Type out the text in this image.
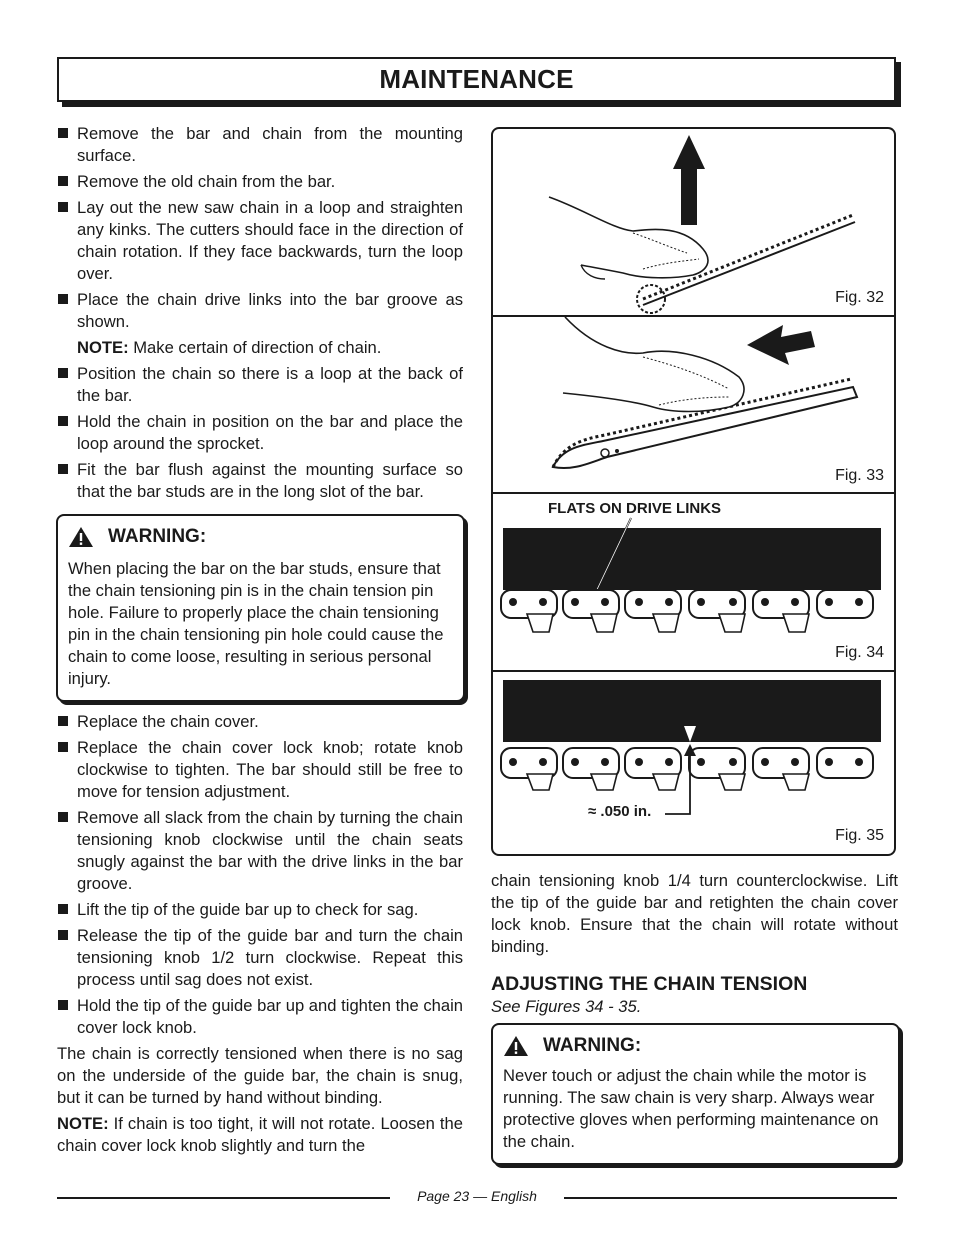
MAINTENANCE
Remove the bar and chain from the mounting surface.
Remove the old chain from the bar.
Lay out the new saw chain in a loop and straighten any kinks. The cutters should face in the direction of chain rotation. If they face backwards, turn the loop over.
Place the chain drive links into the bar groove as shown.
NOTE: Make certain of direction of chain.
Position the chain so there is a loop at the back of the bar.
Hold the chain in position on the bar and place the loop around the sprocket.
Fit the bar flush against the mounting surface so that the bar studs are in the long slot of the bar.
WARNING:
When placing the bar on the bar studs, ensure that the chain tensioning pin is in the chain tension pin hole. Failure to properly place the chain tensioning pin in the chain tensioning pin hole could cause the chain to come loose, resulting in serious personal injury.
Replace the chain cover.
Replace the chain cover lock knob; rotate knob clockwise to tighten. The bar should still be free to move for tension adjustment.
Remove all slack from the chain by turning the chain tensioning knob clockwise until the chain seats snugly against the bar with the drive links in the bar groove.
Lift the tip of the guide bar up to check for sag.
Release the tip of the guide bar and turn the chain tensioning knob 1/2 turn clockwise. Repeat this process until sag does not exist.
Hold the tip of the guide bar up and tighten the chain cover lock knob.
The chain is correctly tensioned when there is no sag on the underside of the guide bar, the chain is snug, but it can be turned by hand without binding.
NOTE: If chain is too tight, it will not rotate. Loosen the chain cover lock knob slightly and turn the
Fig. 32
Fig. 33
FLATS ON DRIVE LINKS
Fig. 34
≈ .050 in.
Fig. 35
chain tensioning knob 1/4 turn counterclockwise. Lift the tip of the guide bar and retighten the chain cover lock knob. Ensure that the chain will rotate without binding.
ADJUSTING THE CHAIN TENSION
See Figures 34 - 35.
WARNING:
Never touch or adjust the chain while the motor is running. The saw chain is very sharp. Always wear protective gloves when performing maintenance on the chain.
Page 23 — English
